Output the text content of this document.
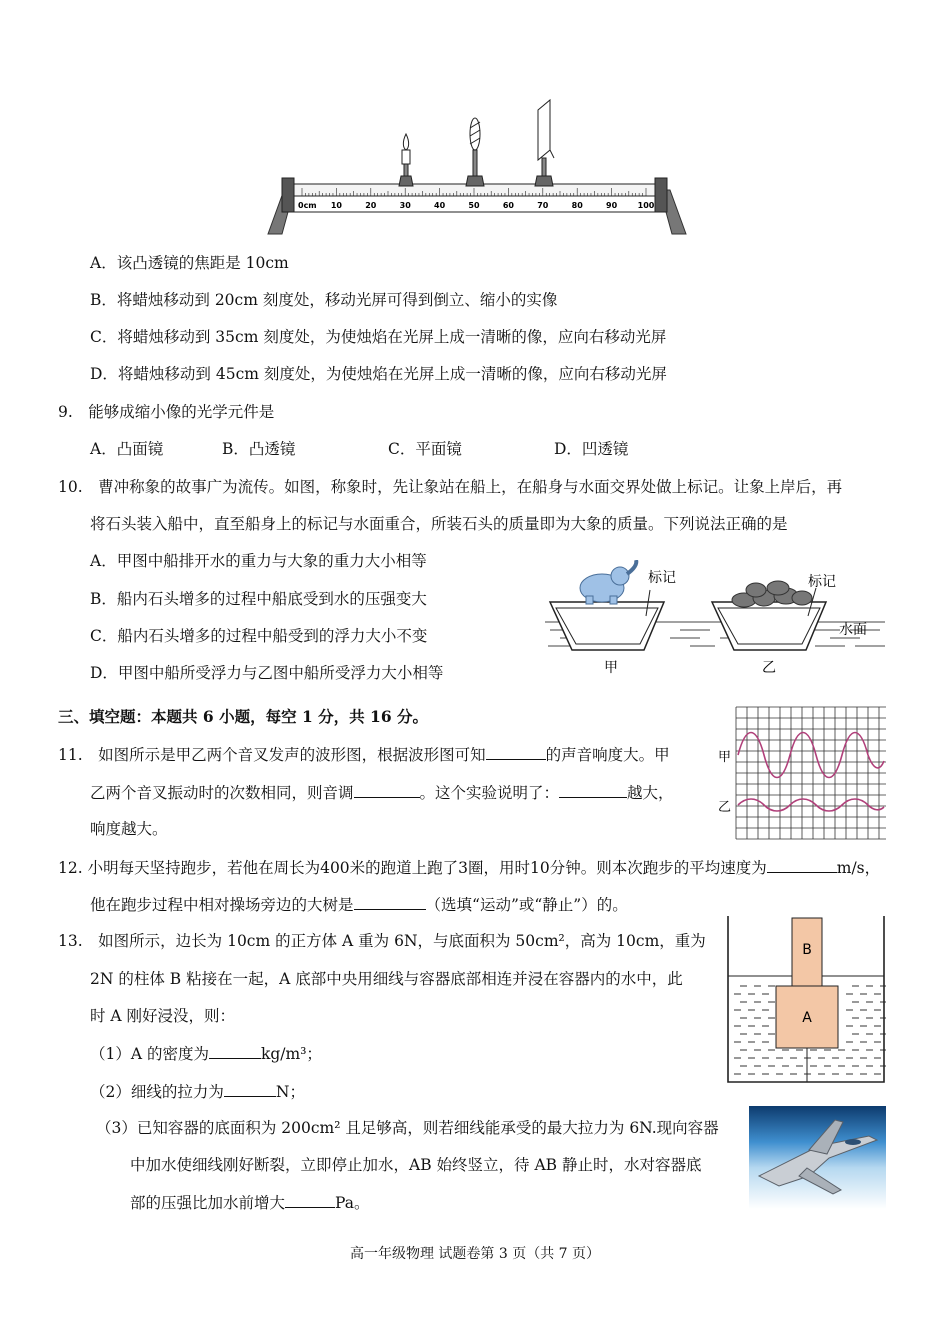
0cm 10	20	30	40	50	60	70	80	90	100
A．该凸透镜的焦距是 10cm
B．将蜡烛移动到 20cm 刻度处，移动光屏可得到倒立、缩小的实像
C．将蜡烛移动到 35cm 刻度处，为使烛焰在光屏上成一清晰的像，应向右移动光屏
D．将蜡烛移动到 45cm 刻度处，为使烛焰在光屏上成一清晰的像，应向右移动光屏
9.　能够成缩小像的光学元件是
A．凸面镜	B．凸透镜	C．平面镜	D．凹透镜
10.　曹冲称象的故事广为流传。如图，称象时，先让象站在船上，在船身与水面交界处做上标记。让象上岸后，再
将石头装入船中，直至船身上的标记与水面重合，所装石头的质量即为大象的质量。下列说法正确的是
A．甲图中船排开水的重力与大象的重力大小相等
B．船内石头增多的过程中船底受到水的压强变大
C．船内石头增多的过程中船受到的浮力大小不变
D．甲图中船所受浮力与乙图中船所受浮力大小相等
标记	标记
水面
甲	乙
三、填空题：本题共 6 小题，每空 1 分，共 16 分。
11.　如图所示是甲乙两个音叉发声的波形图，根据波形图可知	的声音响度大。甲
乙两个音叉振动时的次数相同，则音调	。这个实验说明了：	越大，
响度越大。
甲
乙
12. 小明每天坚持跑步，若他在周长为400米的跑道上跑了3圈，用时10分钟。则本次跑步的平均速度为	m/s，
他在跑步过程中相对操场旁边的大树是	（选填“运动”或“静止”）的。
13.　如图所示，边长为 10cm 的正方体 A 重为 6N，与底面积为 50cm²，高为 10cm，重为
2N 的柱体 B 粘接在一起，A 底部中央用细线与容器底部相连并浸在容器内的水中，此
时 A 刚好浸没，则：
（1）A 的密度为	kg/m³；
（2）细线的拉力为	N；
（3）已知容器的底面积为 200cm² 且足够高，则若细线能承受的最大拉力为 6N.现向容器
中加水使细线刚好断裂，立即停止加水，AB 始终竖立，待 AB 静止时，水对容器底
部的压强比加水前增大	Pa。
A
B
高一年级物理 试题卷第 3 页（共 7 页）
